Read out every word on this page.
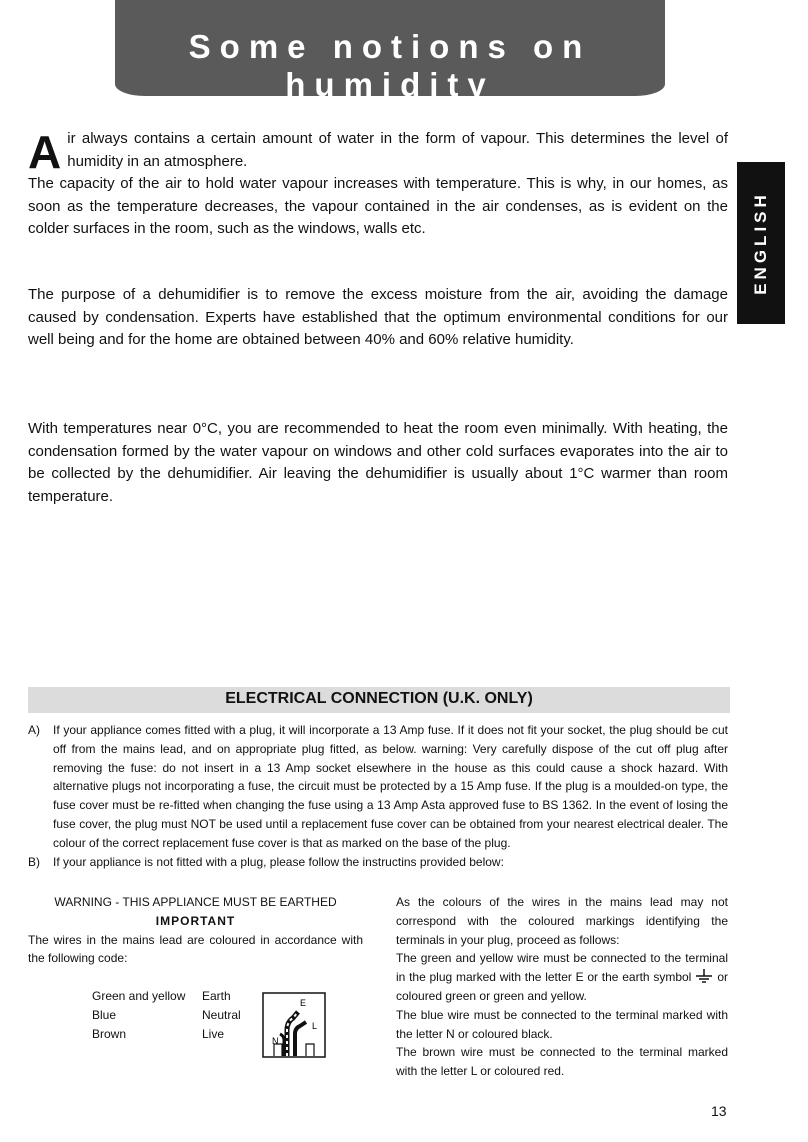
Some notions on humidity
ENGLISH

Air always contains a certain amount of water in the form of vapour. This determines the level of humidity in an atmosphere.

The capacity of the air to hold water vapour increases with temperature. This is why, in our homes, as soon as the temperature decreases, the vapour contained in the air condenses, as is evident on the colder surfaces in the room, such as the windows, walls etc.

The purpose of a dehumidifier is to remove the excess moisture from the air, avoiding the damage caused by condensation. Experts have established that the optimum environmental conditions for our well being and for the home are obtained between 40% and 60% relative humidity.

With temperatures near 0°C, you are recommended to heat the room even minimally. With heating, the condensation formed by the water vapour on windows and other cold surfaces evaporates into the air to be collected by the dehumidifier. Air leaving the dehumidifier is usually about 1°C warmer than room temperature.

ELECTRICAL CONNECTION (U.K. ONLY)
A) If your appliance comes fitted with a plug, it will incorporate a 13 Amp fuse. If it does not fit your socket, the plug should be cut off from the mains lead, and on appropriate plug fitted, as below. warning: Very carefully dispose of the cut off plug after removing the fuse: do not insert in a 13 Amp socket elsewhere in the house as this could cause a shock hazard. With alternative plugs not incorporating a fuse, the circuit must be protected by a 15 Amp fuse. If the plug is a moulded-on type, the fuse cover must be re-fitted when changing the fuse using a 13 Amp Asta approved fuse to BS 1362. In the event of losing the fuse cover, the plug must NOT be used until a replacement fuse cover can be obtained from your nearest electrical dealer. The colour of the correct replacement fuse cover is that as marked on the base of the plug.
B) If your appliance is not fitted with a plug, please follow the instructins provided below:

WARNING - THIS APPLIANCE MUST BE EARTHED

IMPORTANT

The wires in the mains lead are coloured in accordance with the following code:

Green and yellow	Earth
Blue	Neutral
Brown	Live
E
L
N

As the colours of the wires in the mains lead may not correspond with the coloured markings identifying the terminals in your plug, proceed as follows:

The green and yellow wire must be connected to the terminal in the plug marked with the letter E or the earth symbol or coloured green or green and yellow.

The blue wire must be connected to the terminal marked with the letter N or coloured black.

The brown wire must be connected to the terminal marked with the letter L or coloured red.

13
